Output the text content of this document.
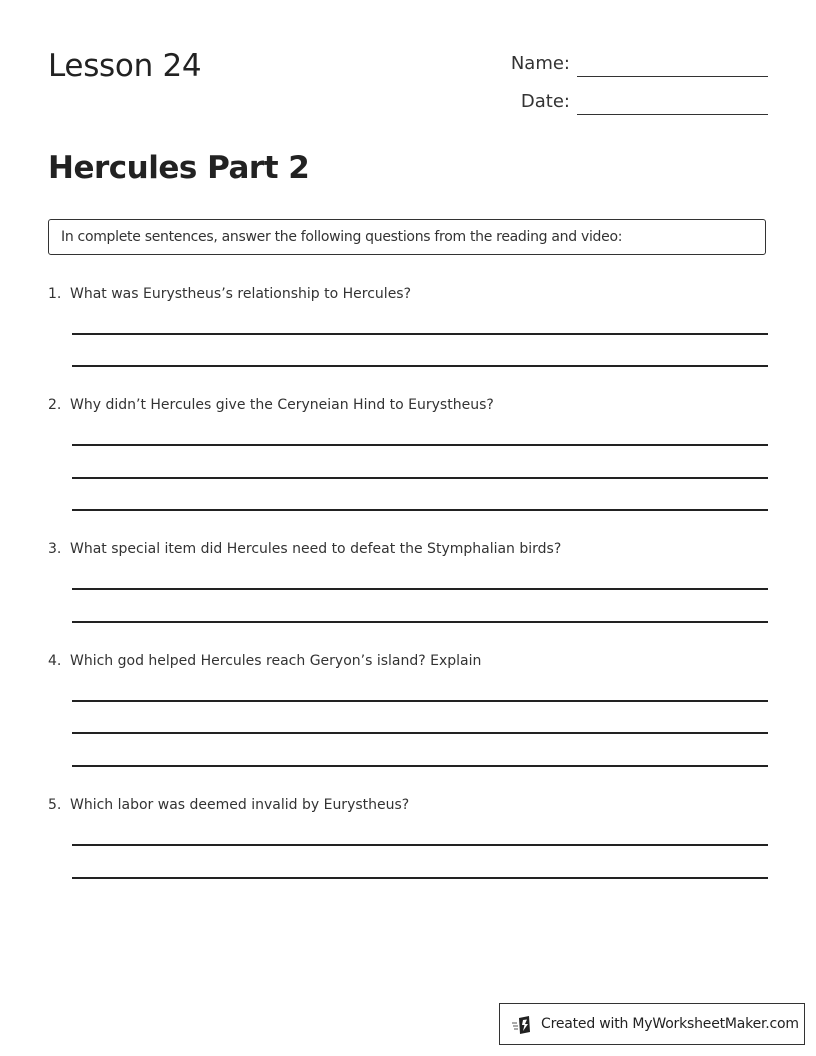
Lesson 24	Name:
Date:
Hercules Part 2
In complete sentences, answer the following questions from the reading and video:
1. What was Eurystheus’s relationship to Hercules?
2. Why didn’t Hercules give the Ceryneian Hind to Eurystheus?
3. What special item did Hercules need to defeat the Stymphalian birds?
4. Which god helped Hercules reach Geryon’s island? Explain
5. Which labor was deemed invalid by Eurystheus?
Created with MyWorksheetMaker.com
